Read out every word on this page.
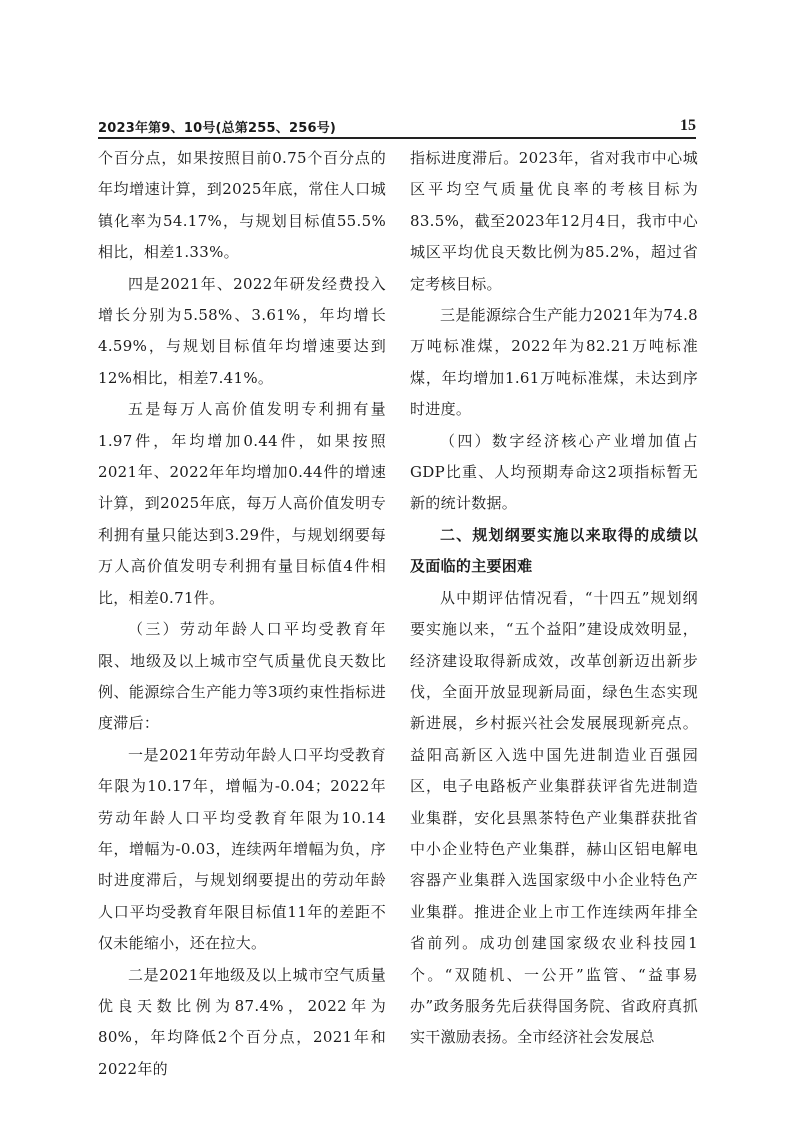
2023年第9、10号(总第255、256号)	15

个百分点，如果按照目前0.75个百分点的年均增速计算，到2025年底，常住人口城镇化率为54.17%，与规划目标值55.5%相比，相差1.33%。

四是2021年、2022年研发经费投入增长分别为5.58%、3.61%，年均增长4.59%，与规划目标值年均增速要达到12%相比，相差7.41%。

五是每万人高价值发明专利拥有量1.97件，年均增加0.44件，如果按照2021年、2022年年均增加0.44件的增速计算，到2025年底，每万人高价值发明专利拥有量只能达到3.29件，与规划纲要每万人高价值发明专利拥有量目标值4件相比，相差0.71件。

（三）劳动年龄人口平均受教育年限、地级及以上城市空气质量优良天数比例、能源综合生产能力等3项约束性指标进度滞后：

一是2021年劳动年龄人口平均受教育年限为10.17年，增幅为-0.04；2022年劳动年龄人口平均受教育年限为10.14年，增幅为-0.03，连续两年增幅为负，序时进度滞后，与规划纲要提出的劳动年龄人口平均受教育年限目标值11年的差距不仅未能缩小，还在拉大。

二是2021年地级及以上城市空气质量优良天数比例为87.4%，2022年为80%，年均降低2个百分点，2021年和2022年的

指标进度滞后。2023年，省对我市中心城区平均空气质量优良率的考核目标为83.5%，截至2023年12月4日，我市中心城区平均优良天数比例为85.2%，超过省定考核目标。

三是能源综合生产能力2021年为74.8万吨标准煤，2022年为82.21万吨标准煤，年均增加1.61万吨标准煤，未达到序时进度。

（四）数字经济核心产业增加值占GDP比重、人均预期寿命这2项指标暂无新的统计数据。

二、规划纲要实施以来取得的成绩以及面临的主要困难

从中期评估情况看，“十四五”规划纲要实施以来，“五个益阳”建设成效明显，经济建设取得新成效，改革创新迈出新步伐，全面开放显现新局面，绿色生态实现新进展，乡村振兴社会发展展现新亮点。益阳高新区入选中国先进制造业百强园区，电子电路板产业集群获评省先进制造业集群，安化县黑茶特色产业集群获批省中小企业特色产业集群，赫山区铝电解电容器产业集群入选国家级中小企业特色产业集群。推进企业上市工作连续两年排全省前列。成功创建国家级农业科技园1个。“双随机、一公开”监管、“益事易办”政务服务先后获得国务院、省政府真抓实干激励表扬。全市经济社会发展总
